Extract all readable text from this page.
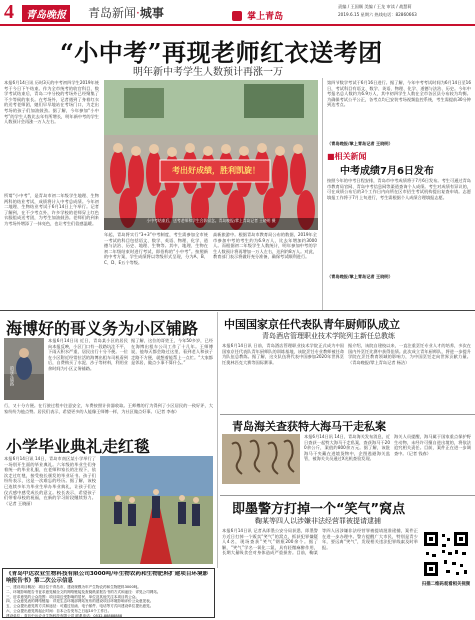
4	青岛晚报	青岛新闻·城事	掌上青岛
责编 / 王国顺 美编 / 王龙 审读 / 战慧莉
2019.6.15 星期六 热线电话：82860663
“小中考”再现老师红衣送考团
明年新中考学生人数预计再涨一万
本报6月14日讯 历时3天的中考初四学生2019年统考于今日下午结束。作为全市统考的收官科目，数学考试结束后，青岛二中分校的考场外已经聚集了不少等候的家长。在考场外，记者遇到了身着红衣的送考老师团，她们早早地站在考场门口，为走出考场的孩子们加油鼓劲。据了解，今年参加“小中考”的学生人数比去年有所增长，明年新中考的学生人数预计会再涨一万人左右。
所谓“小中考”，是青岛市初二年级学生地理、生物两科的结业考试，成绩将计入中考总成绩。今年初二地理、生物结业考试于6月14日上午举行。记者了解到，在不少考点外，许多学校的老师穿上红色衣服组成送考团，为考生加油鼓劲。老师们的到来为考场外增添了一抹亮色，也让考生们倍感温暖。
考出好成绩，胜利凯旋！
小中考结束后，送考老师和学生合影留念。青岛晚报/掌上青岛记者 王晓明 摄
年起，青岛将实行“3+3”中考制度，考生需参加全市统一考试的科目包括语文、数学、英语、物理、化学、道德与法治、历史、地理、生物等。其中，地理、生物在初二年级结束时进行考试，即俗称的“小中考”。按照新的中考方案，学生成绩将以等级形式呈现，分为A、B、C、D、E五个等级。
高新旅游中。根据青岛市教育局公布的数据，2019年全市参加中考的考生约为6.9万人，比去年增加约3000人。而根据初二年级学生人数统计，明年参加中考的学生人数预计将再增加一万人左右，达到约8万人。对此，教育部门表示将做好充分准备，确保考试顺利进行。
第四节数学考试于6月16日进行。据了解，今年中考考试时间为6月14日至16日，考试科目有语文、数学、英语、物理、化学、道德与法治、历史。今年中考报名总人数约为6.9万人，其中初四学生人数在全市各区县分布较为均衡。为确保考试公平公正，各考点均已安装考场视频监控系统，考生需提前30分钟到达考点。
（青岛晚报/掌上青岛记者 王晓明）
■相关新闻
中考成绩7月6日发布
按照今年的中考日程安排，青岛市中考成绩将于7月6日发布。考生可通过青岛市教育局官网、青岛中考信息网等渠道查询个人成绩。考生对成绩有异议的，可在成绩公布后的3个工作日内向所在区市招生考试机构提出复查申请。志愿填报工作将于7月上旬进行，考生需根据个人成绩合理填报志愿。
（青岛晚报/掌上青岛记者 王晓明）
海博好的哥义务为小区铺路
的哥在铺路
本报6月14日讯 近日，青岛某小区的居民向本报反映，小区门口有一段路坑洼不平，下雨天积水严重，居民出行十分不便。一位在小区附近经常拉活的海博出租车司机看到后，自费购买了水泥、沙子等材料，利用业余时间为小区义务铺路。
据了解，这位的哥姓王，今年50多岁，已经在海博出租车公司工作了十几年。王师傅说，他每天都会路过这里，看到老人和孩子走路不方便，就想着能帮上一点忙。“大家都是邻居，做点小事不算什么。”
行，又十分方便。在行驶过程中注意安全，车费按照计价器收取。王师傅的行为得到了小区居民的一致好评，大家纷纷为他点赞。居民们表示，希望更多的人能像王师傅一样，为社区做点好事。（记者 李春）
小学毕业典礼走红毯
本报6月14日讯 14日，青岛市南区某小学举行了一场别开生面的毕业典礼。六年级的毕业生们身着统一的毕业礼服，在老师和家长的注视下，依次走过红毯，接受校长颁发的毕业证书。孩子们纷纷表示，这是一次难忘的经历。据了解，该校已连续多年为毕业生举办毕业典礼，让孩子们在仪式感中感受成长的意义。校长表示，希望孩子们带着母校的祝福，在新的学习阶段继续努力。（记者 王晓丽）
中国国家京任代表队青年厨师队成立
青岛酒店管理职业技术学院列主新任总教练
本报6月14日讯 日前，青岛酒店管理职业技术学院正式成为中国国家京任代表队青年厨师队的训练基地，该院烹饪专业教师被任命为队伍总教练。据了解，这支队伍将代表中国参加2020年世界烹饪奥林匹克大赛等国际赛事。
据介绍，该院自建校以来，一直注重烹饪专业人才的培养，多次在国内外烹饪比赛中获得佳绩。此次成立青年厨师队，将进一步提升学院在烹饪教育领域的影响力，为中国烹饪走向世界贡献力量。（青岛晚报/掌上青岛记者 杨洁）
青岛海关查获特大海马干走私案
本报6月14日讯 14日，青岛海关发布消息，近日查获一起特大海马干走私案，查获海马干200余公斤，案值约800余万元。据了解，该批海马干夹藏在进境货物中，企图逃避海关监管，被海关关员通过X光机查验发现。
海关人员提醒，海马属于国家重点保护野生动物，未经许可擅自进出境的，将依法追究相关责任。目前，案件正在进一步调查中。（记者 钱春）
即墨警方打掉一个“笑气”窝点
鞠某等四人以涉嫌非法经营罪被提请逮捕
本报6月14日讯 记者从即墨公安分局获悉，即墨警方近日打掉一个贩卖“笑气”的窝点，抓获犯罪嫌疑人4名，现场查获“笑气”钢瓶200余个。据了解，“笑气”学名一氧化二氮，具有轻微麻醉作用，长期大量吸食会对身体造成严重损害。目前，鞠某等四人因涉嫌非法经营罪被提请批准逮捕，案件正在进一步办理中。警方提醒广大市民，特别是青少年，要远离“笑气”，发现相关违法犯罪线索及时举报。
扫描二维码观看相关视频
《青岛中达农业生物科技有限公司3000吨/年生物农药和生物肥料扩建项目环境影响报告书》第二次公示信息
一、建设项目概况：项目位于青岛市，建设规模为年产生物农药和生物肥料3000吨。
二、环境影响报告书征求意见稿全文的网络链接及查阅纸质报告书的方式和途径：详见公司网站。
三、征求意见的公众范围：项目周边受影响的居民、单位及其他关注本项目的公众。
四、公众意见表的网络链接：详见生态环境部网站发布的建设项目环境影响评价公众意见表。
五、公众提出意见的方式和途径：可通过信函、电子邮件、电话等方式向建设单位提出意见。
六、公众提出意见的起止时间：自本公告发布之日起10个工作日。
建设单位：青岛中达农业生物科技有限公司 联系电话：0532-88888888
